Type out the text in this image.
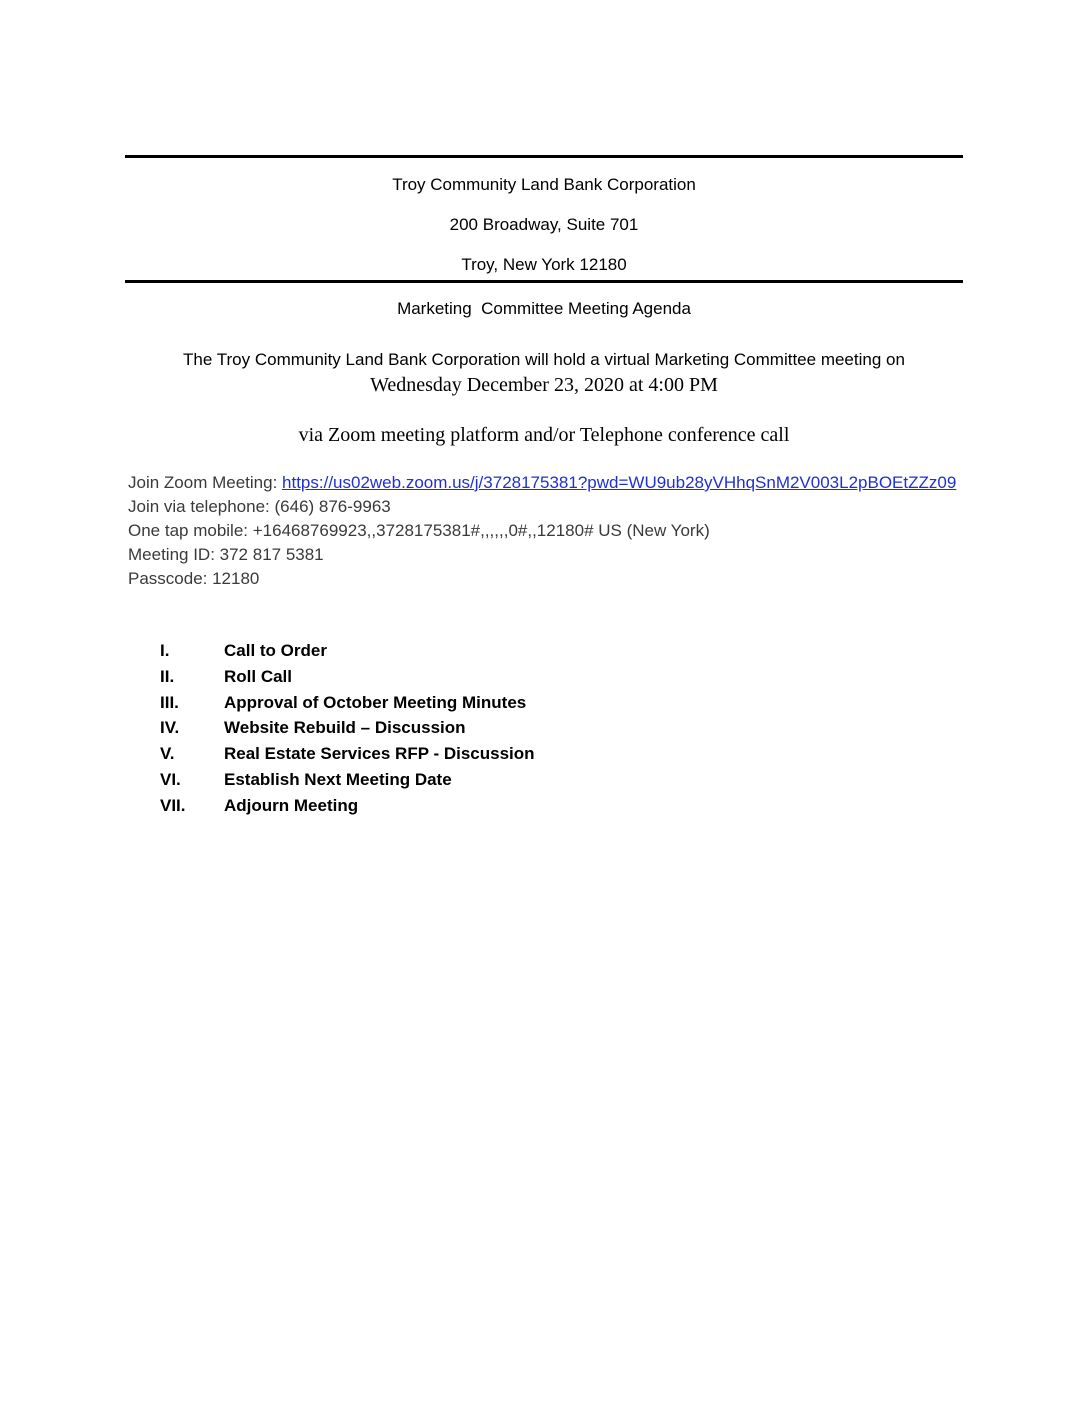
Troy Community Land Bank Corporation
200 Broadway, Suite 701
Troy, New York 12180
Marketing  Committee Meeting Agenda
The Troy Community Land Bank Corporation will hold a virtual Marketing Committee meeting on
Wednesday December 23, 2020 at 4:00 PM
via Zoom meeting platform and/or Telephone conference call
Join Zoom Meeting: https://us02web.zoom.us/j/3728175381?pwd=WU9ub28yVHhqSnM2V003L2pBOEtZZz09
Join via telephone: (646) 876-9963
One tap mobile: +16468769923,,3728175381#,,,,,,0#,,12180# US (New York)
Meeting ID: 372 817 5381
Passcode: 12180
I.	Call to Order
II.	Roll Call
III.	Approval of October Meeting Minutes
IV.	Website Rebuild – Discussion
V.	Real Estate Services RFP - Discussion
VI.	Establish Next Meeting Date
VII.	Adjourn Meeting
